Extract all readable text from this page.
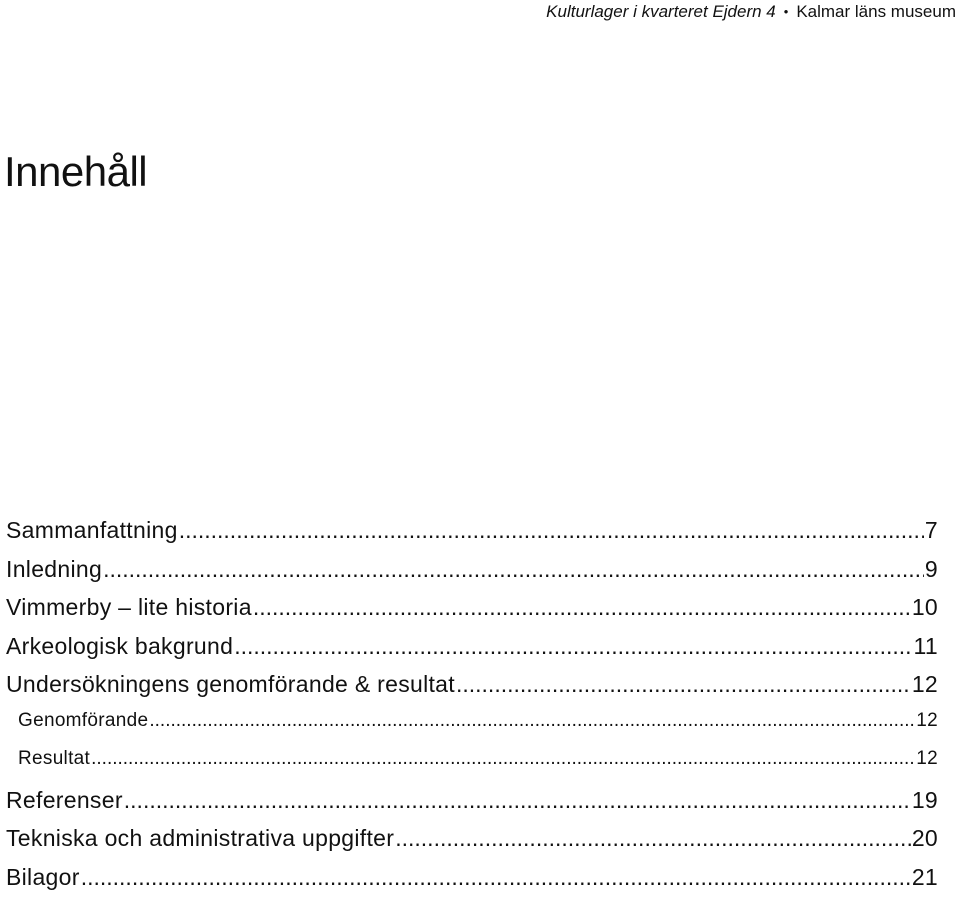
Kulturlager i kvarteret Ejdern 4 • Kalmar läns museum
Innehåll
Sammanfattning .....	7
Inledning .....	9
Vimmerby – lite historia .....	10
Arkeologisk bakgrund .....	11
Undersökningens genomförande & resultat .....	12
Genomförande .....	12
Resultat .....	12
Referenser .....	19
Tekniska och administrativa uppgifter .....	20
Bilagor .....	21
